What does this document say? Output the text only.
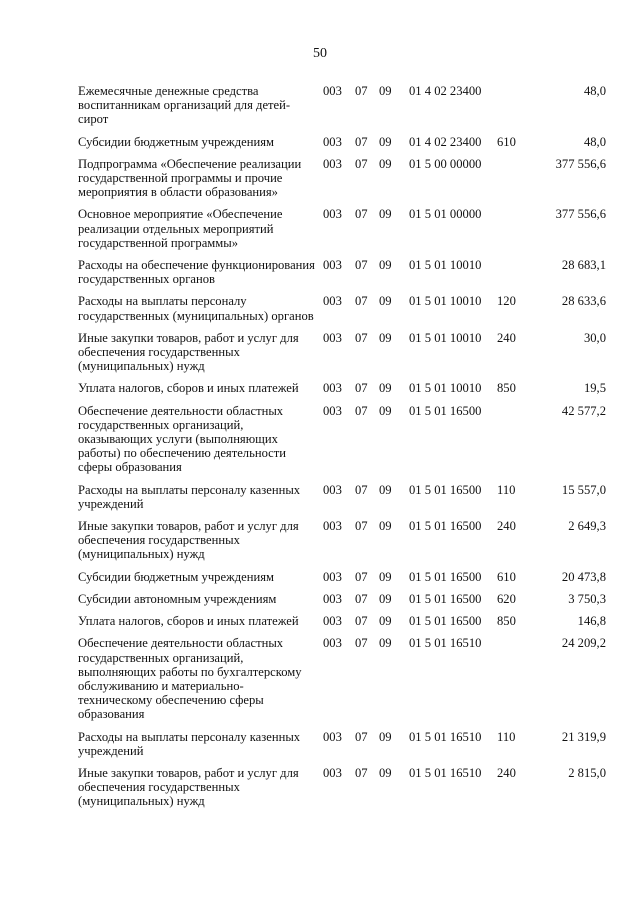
50
Ежемесячные денежные средства воспитанникам организаций для детей-сирот	003	07	09	01 4 02 23400		48,0
Субсидии бюджетным учреждениям	003	07	09	01 4 02 23400	610	48,0
Подпрограмма «Обеспечение реализации государственной программы и прочие мероприятия в области образования»	003	07	09	01 5 00 00000		377 556,6
Основное мероприятие «Обеспечение реализации отдельных мероприятий государственной программы»	003	07	09	01 5 01 00000		377 556,6
Расходы на обеспечение функционирования государственных органов	003	07	09	01 5 01 10010		28 683,1
Расходы на выплаты персоналу государственных (муниципальных) органов	003	07	09	01 5 01 10010	120	28 633,6
Иные закупки товаров, работ и услуг для обеспечения государственных (муниципальных) нужд	003	07	09	01 5 01 10010	240	30,0
Уплата налогов, сборов и иных платежей	003	07	09	01 5 01 10010	850	19,5
Обеспечение деятельности областных государственных организаций, оказывающих услуги (выполняющих работы) по обеспечению деятельности сферы образования	003	07	09	01 5 01 16500		42 577,2
Расходы на выплаты персоналу казенных учреждений	003	07	09	01 5 01 16500	110	15 557,0
Иные закупки товаров, работ и услуг для обеспечения государственных (муниципальных) нужд	003	07	09	01 5 01 16500	240	2 649,3
Субсидии бюджетным учреждениям	003	07	09	01 5 01 16500	610	20 473,8
Субсидии автономным учреждениям	003	07	09	01 5 01 16500	620	3 750,3
Уплата налогов, сборов и иных платежей	003	07	09	01 5 01 16500	850	146,8
Обеспечение деятельности областных государственных организаций, выполняющих работы по бухгалтерскому обслуживанию и материально-техническому обеспечению сферы образования	003	07	09	01 5 01 16510		24 209,2
Расходы на выплаты персоналу казенных учреждений	003	07	09	01 5 01 16510	110	21 319,9
Иные закупки товаров, работ и услуг для обеспечения государственных (муниципальных) нужд	003	07	09	01 5 01 16510	240	2 815,0
